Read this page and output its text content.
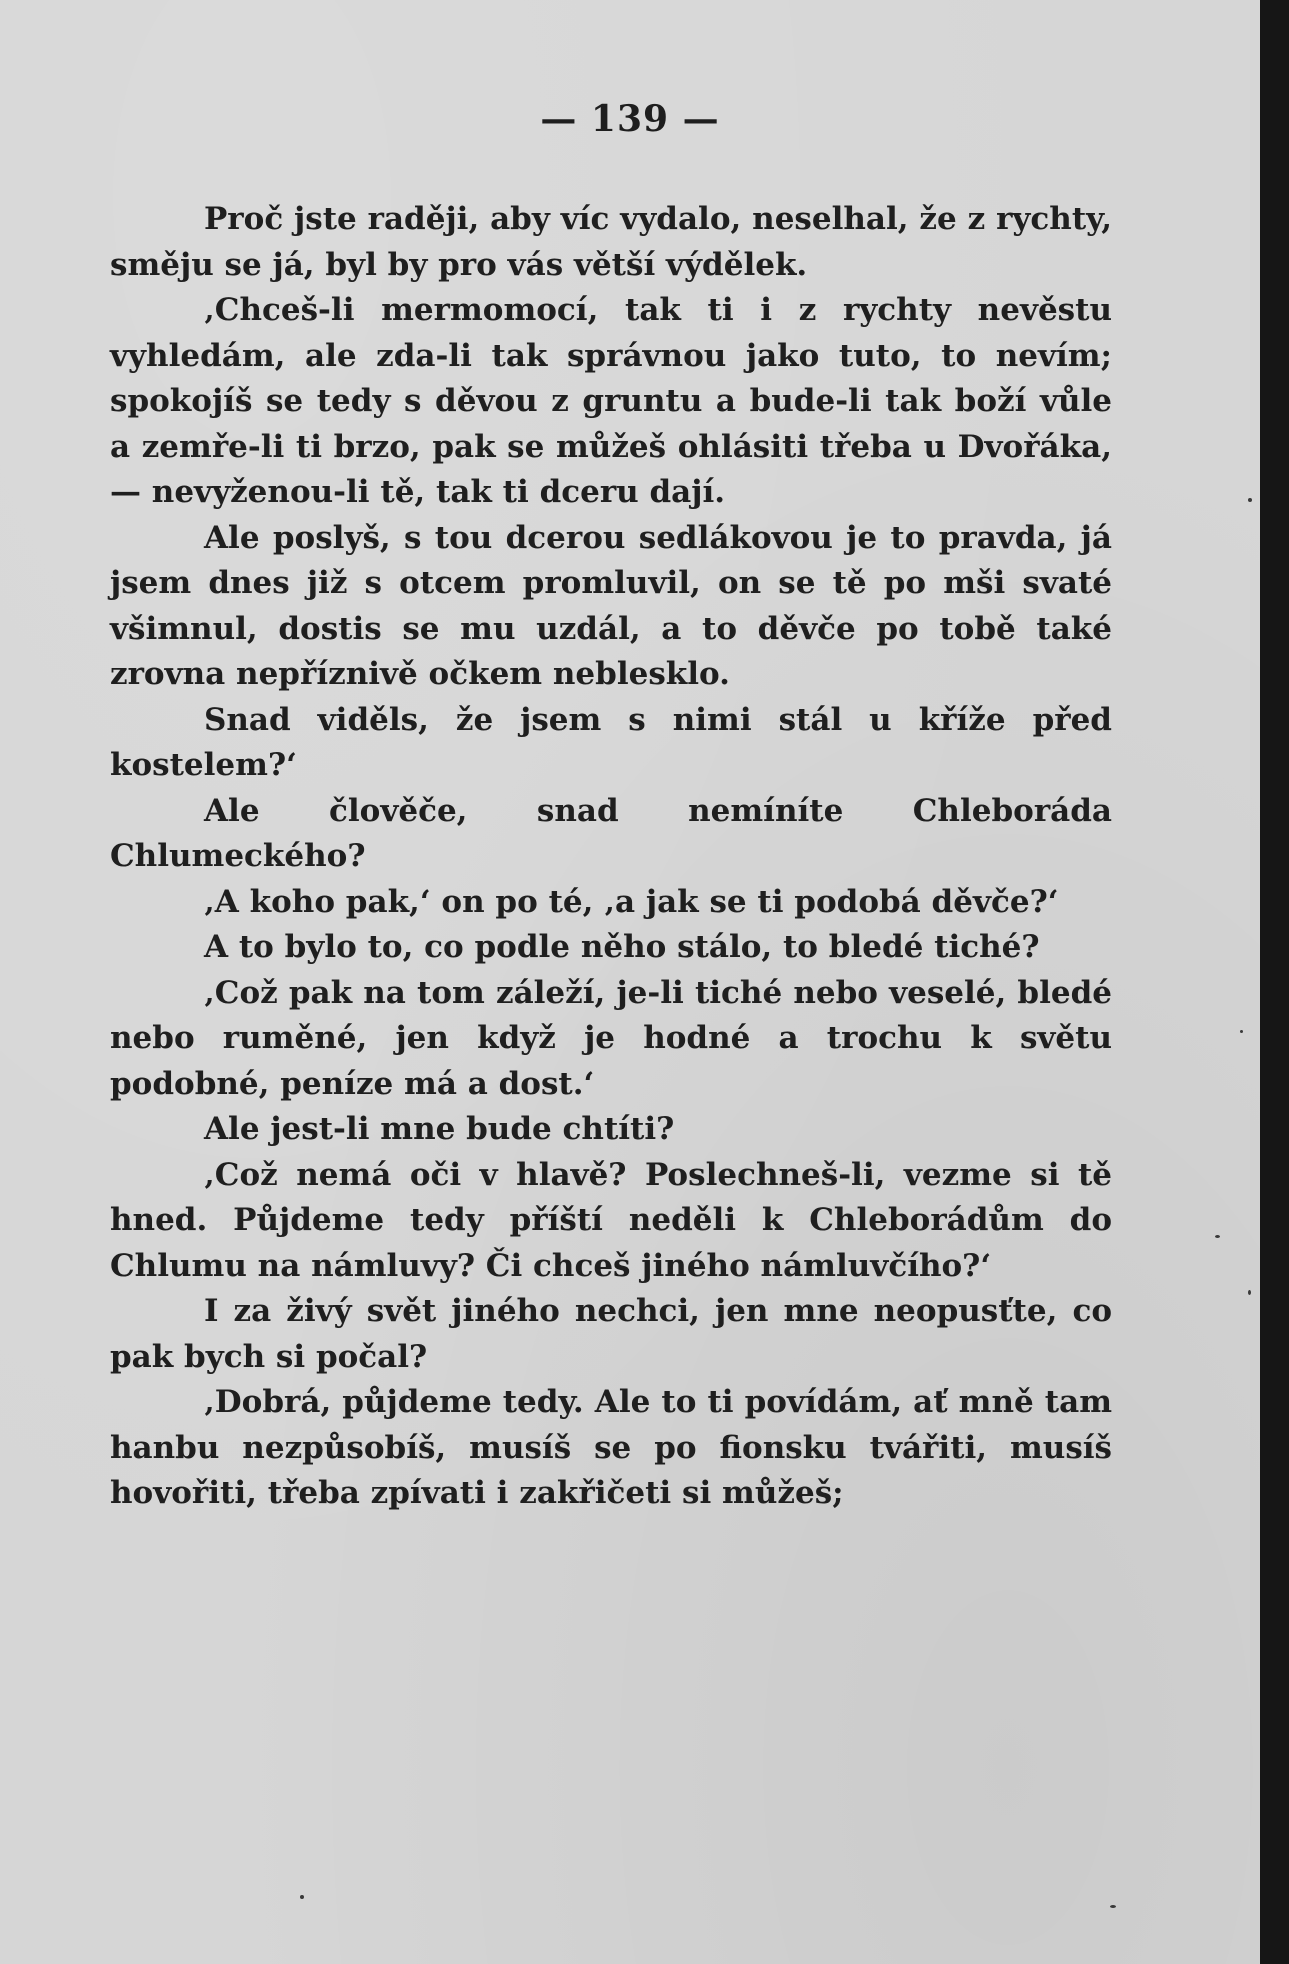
— 139 —

Proč jste raději, aby víc vydalo, neselhal, že z rychty, směju se já, byl by pro vás větší výdělek.

‚Chceš-li mermomocí, tak ti i z rychty nevěstu vyhledám, ale zda-li tak správnou jako tuto, to nevím; spokojíš se tedy s děvou z gruntu a bude-li tak boží vůle a zemře-li ti brzo, pak se můžeš ohlásiti třeba u Dvořáka, — nevyženou-li tě, tak ti dceru dají.

Ale poslyš, s tou dcerou sedlákovou je to pravda, já jsem dnes již s otcem promluvil, on se tě po mši svaté všimnul, dostis se mu uzdál, a to děvče po tobě také zrovna nepříznivě očkem neblesklo.

Snad viděls, že jsem s nimi stál u kříže před kostelem?‘

Ale člověče, snad nemíníte Chleboráda Chlumeckého?

‚A koho pak,‘ on po té, ‚a jak se ti podobá děvče?‘

A to bylo to, co podle něho stálo, to bledé tiché?

‚Což pak na tom záleží, je-li tiché nebo veselé, bledé nebo ruměné, jen když je hodné a trochu k světu podobné, peníze má a dost.‘

Ale jest-li mne bude chtíti?

‚Což nemá oči v hlavě? Poslechneš-li, vezme si tě hned. Půjdeme tedy příští neděli k Chleborádům do Chlumu na námluvy? Či chceš jiného námluvčího?‘

I za živý svět jiného nechci, jen mne neopusťte, co pak bych si počal?

‚Dobrá, půjdeme tedy. Ale to ti povídám, ať mně tam hanbu nezpůsobíš, musíš se po fionsku tvářiti, musíš hovořiti, třeba zpívati i zakřičeti si můžeš;
